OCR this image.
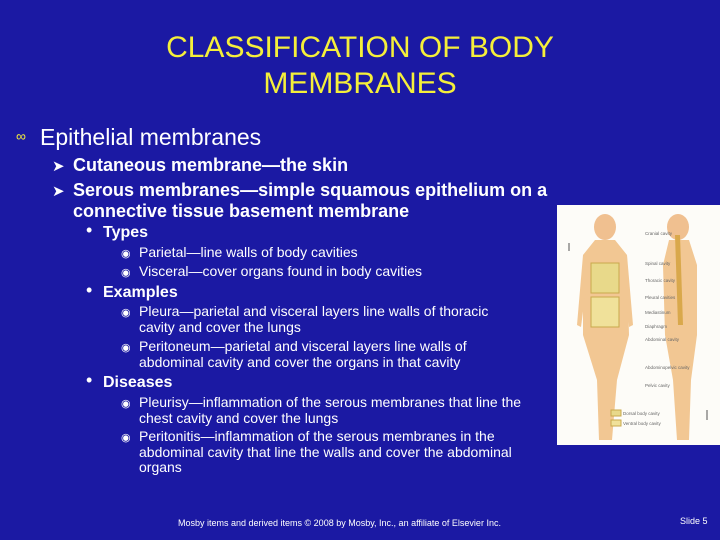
CLASSIFICATION OF BODY
MEMBRANES
∞ Epithelial membranes
➤ Cutaneous membrane—the skin
➤ Serous membranes—simple squamous epithelium on a
connective tissue basement membrane
• Types
◉ Parietal—line walls of body cavities
◉ Visceral—cover organs found in body cavities
• Examples
◉ Pleura—parietal and visceral layers line walls of thoracic
cavity and cover the lungs
◉ Peritoneum—parietal and visceral layers line walls of
abdominal cavity and cover the organs in that cavity
• Diseases
Cranial cavity
Spinal cavity
Thoracic cavity
Pleural cavities
Mediastinum
Diaphragm
Abdominal cavity
Abdominopelvic cavity
Pelvic cavity
Dorsal body cavity
Ventral body cavity
◉ Pleurisy—inflammation of the serous membranes that line the
chest cavity and cover the lungs
◉ Peritonitis—inflammation of the serous membranes in the
abdominal cavity that line the walls and cover the abdominal
organs
Mosby items and derived items © 2008 by Mosby, Inc., an affiliate of Elsevier Inc.	Slide 5
